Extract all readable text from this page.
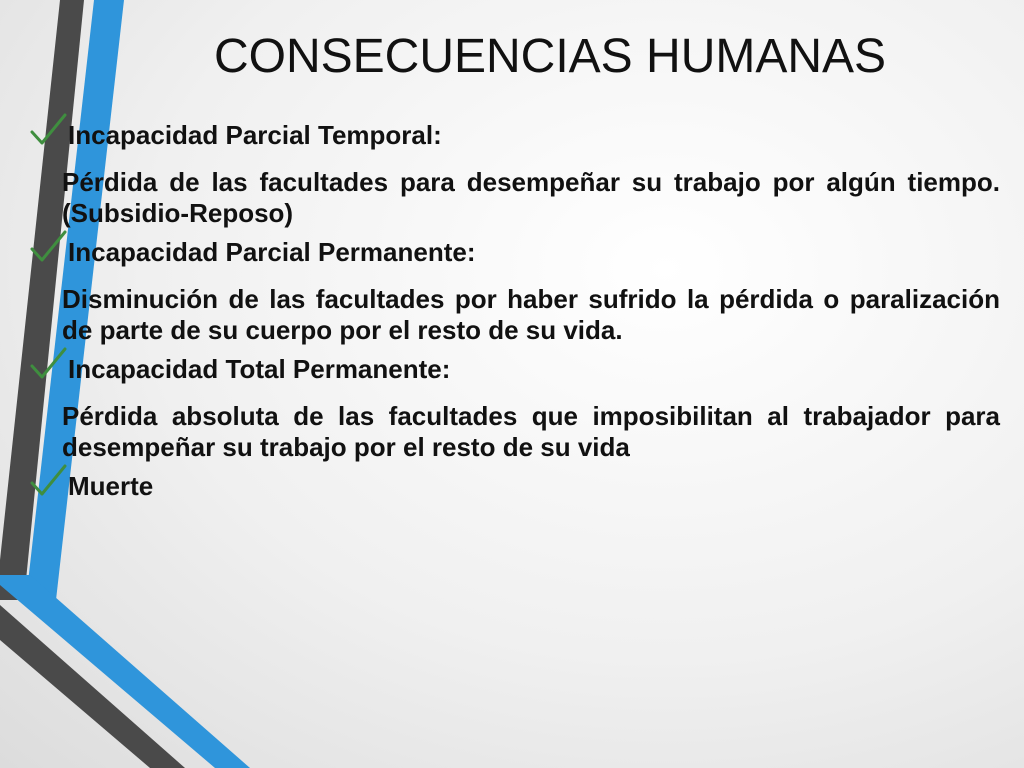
CONSECUENCIAS HUMANAS
Incapacidad Parcial Temporal:
Pérdida de las facultades para desempeñar su trabajo por algún tiempo. (Subsidio-Reposo)
Incapacidad Parcial Permanente:
Disminución de las facultades por haber sufrido la pérdida o paralización de parte de su cuerpo por el resto de su vida.
Incapacidad Total Permanente:
Pérdida absoluta de las facultades que imposibilitan al trabajador para desempeñar su trabajo por el resto de su vida
Muerte
